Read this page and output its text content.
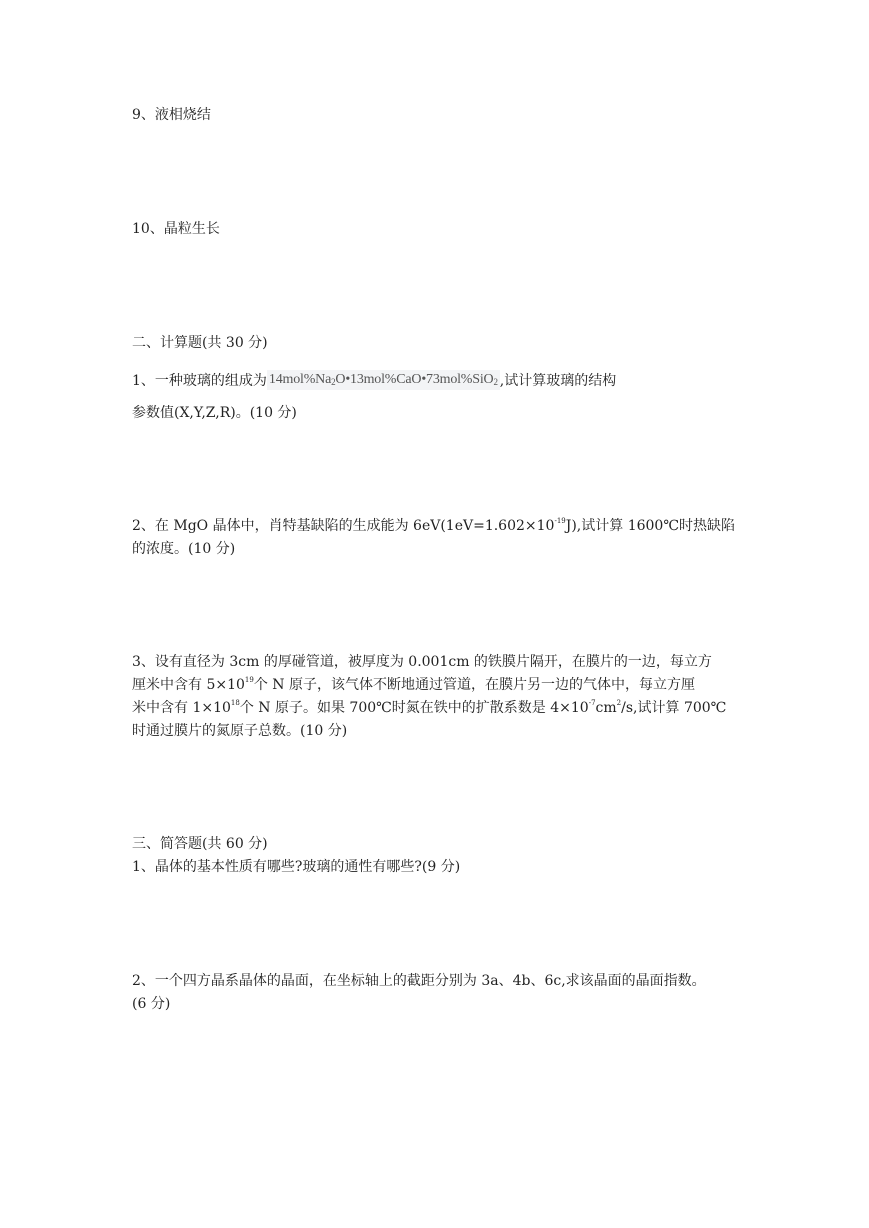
9、液相烧结
10、晶粒生长
二、计算题(共 30 分)
1、一种玻璃的组成为 $14mol\%Na_2O•13mol\%CaO•73mol\%SiO_2$ ,试计算玻璃的结构
参数值(X,Y,Z,R)。(10 分)
2、在 MgO 晶体中，肖特基缺陷的生成能为 $6eV(1eV=1.602\times 10^{-19}J)$,试计算 1600℃时热缺陷
的浓度。(10 分)
3、设有直径为 3cm 的厚碰管道，被厚度为 0.001cm 的铁膜片隔开，在膜片的一边，每立方
厘米中含有 $5\times 10^{19}$个 N 原子，该气体不断地通过管道，在膜片另一边的气体中，每立方厘
米中含有 $1\times 10^{18}$个 N 原子。如果 700℃时氮在铁中的扩散系数是 $4\times 10^{-7}cm^2/s$,试计算 700℃
时通过膜片的氮原子总数。(10 分)
三、简答题(共 60 分)
1、晶体的基本性质有哪些?玻璃的通性有哪些?(9 分)
2、一个四方晶系晶体的晶面，在坐标轴上的截距分别为 3a、4b、6c,求该晶面的晶面指数。
(6 分)
